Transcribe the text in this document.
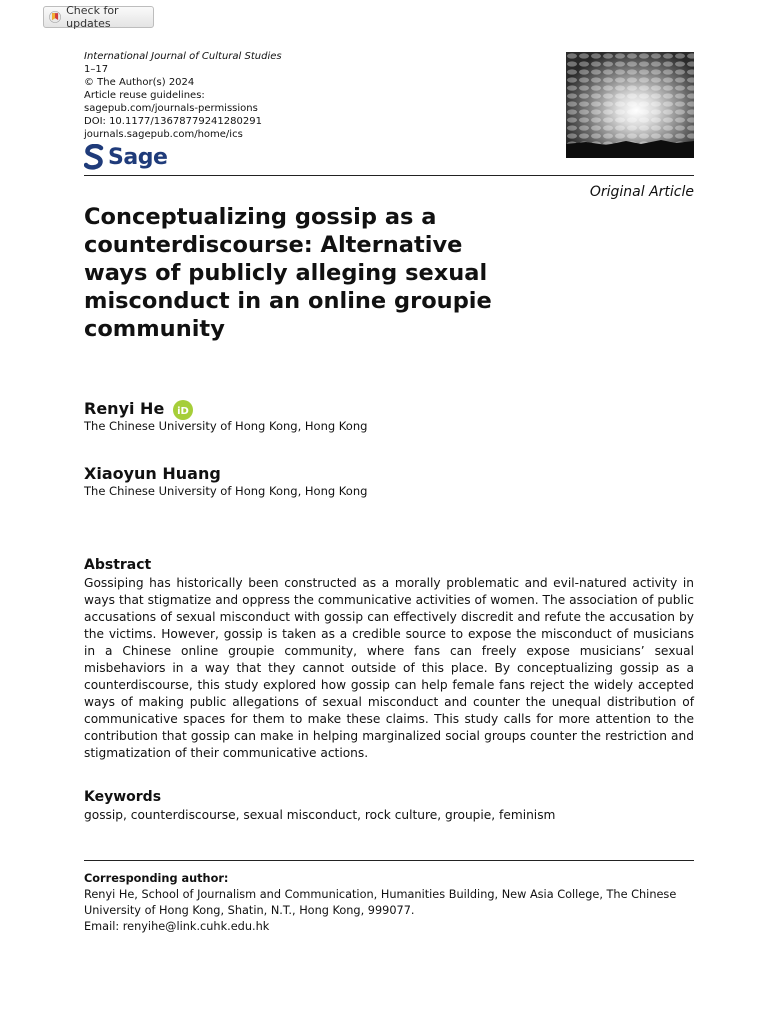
Check for updates
International Journal of Cultural Studies
1–17
© The Author(s) 2024
Article reuse guidelines:
sagepub.com/journals-permissions
DOI: 10.1177/13678779241280291
journals.sagepub.com/home/ics
Sage
Original Article
Conceptualizing gossip as a counterdiscourse: Alternative ways of publicly alleging sexual misconduct in an online groupie community
Renyi He iD
The Chinese University of Hong Kong, Hong Kong
Xiaoyun Huang
The Chinese University of Hong Kong, Hong Kong
Abstract
Gossiping has historically been constructed as a morally problematic and evil-natured activity in ways that stigmatize and oppress the communicative activities of women. The association of public accusations of sexual misconduct with gossip can effectively discredit and refute the accusation by the victims. However, gossip is taken as a credible source to expose the misconduct of musicians in a Chinese online groupie community, where fans can freely expose musicians’ sexual misbehaviors in a way that they cannot outside of this place. By conceptualizing gossip as a counterdiscourse, this study explored how gossip can help female fans reject the widely accepted ways of making public allegations of sexual misconduct and counter the unequal distribution of communicative spaces for them to make these claims. This study calls for more attention to the contribution that gossip can make in helping marginalized social groups counter the restriction and stigmatization of their communicative actions.
Keywords
gossip, counterdiscourse, sexual misconduct, rock culture, groupie, feminism
Corresponding author:
Renyi He, School of Journalism and Communication, Humanities Building, New Asia College, The Chinese University of Hong Kong, Shatin, N.T., Hong Kong, 999077.
Email: renyihe@link.cuhk.edu.hk
